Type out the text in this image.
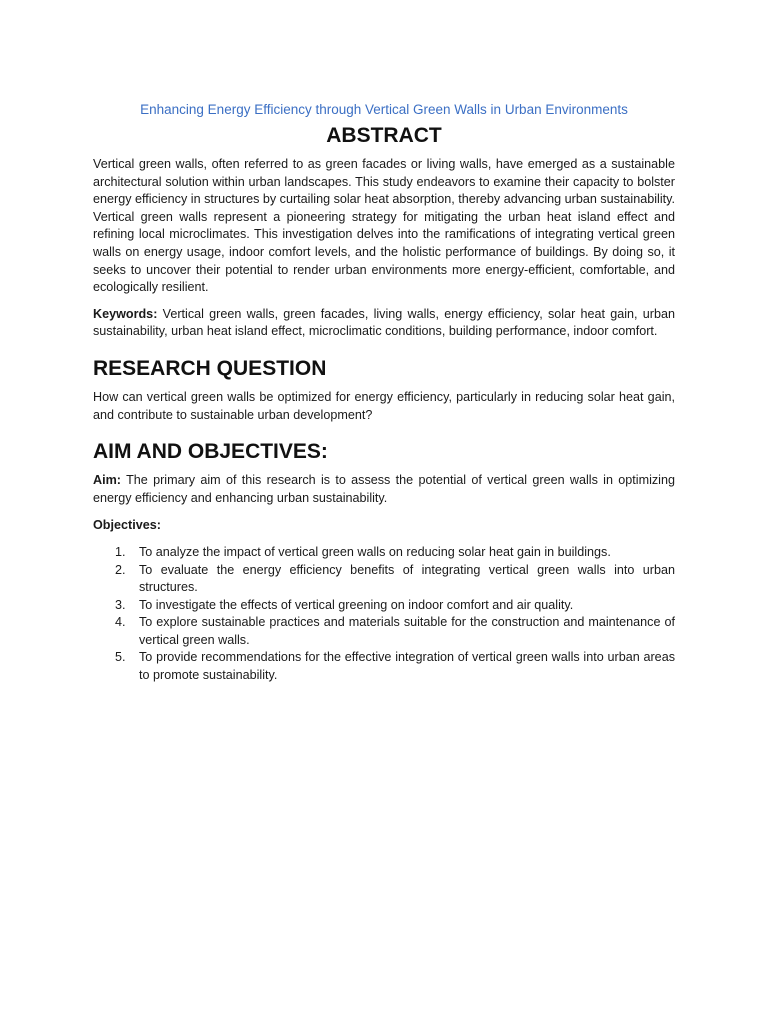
Enhancing Energy Efficiency through Vertical Green Walls in Urban Environments

ABSTRACT

Vertical green walls, often referred to as green facades or living walls, have emerged as a sustainable architectural solution within urban landscapes. This study endeavors to examine their capacity to bolster energy efficiency in structures by curtailing solar heat absorption, thereby advancing urban sustainability. Vertical green walls represent a pioneering strategy for mitigating the urban heat island effect and refining local microclimates. This investigation delves into the ramifications of integrating vertical green walls on energy usage, indoor comfort levels, and the holistic performance of buildings. By doing so, it seeks to uncover their potential to render urban environments more energy-efficient, comfortable, and ecologically resilient.

Keywords: Vertical green walls, green facades, living walls, energy efficiency, solar heat gain, urban sustainability, urban heat island effect, microclimatic conditions, building performance, indoor comfort.

RESEARCH QUESTION

How can vertical green walls be optimized for energy efficiency, particularly in reducing solar heat gain, and contribute to sustainable urban development?

AIM AND OBJECTIVES:

Aim: The primary aim of this research is to assess the potential of vertical green walls in optimizing energy efficiency and enhancing urban sustainability.

Objectives:

1. To analyze the impact of vertical green walls on reducing solar heat gain in buildings.
2. To evaluate the energy efficiency benefits of integrating vertical green walls into urban structures.
3. To investigate the effects of vertical greening on indoor comfort and air quality.
4. To explore sustainable practices and materials suitable for the construction and maintenance of vertical green walls.
5. To provide recommendations for the effective integration of vertical green walls into urban areas to promote sustainability.
